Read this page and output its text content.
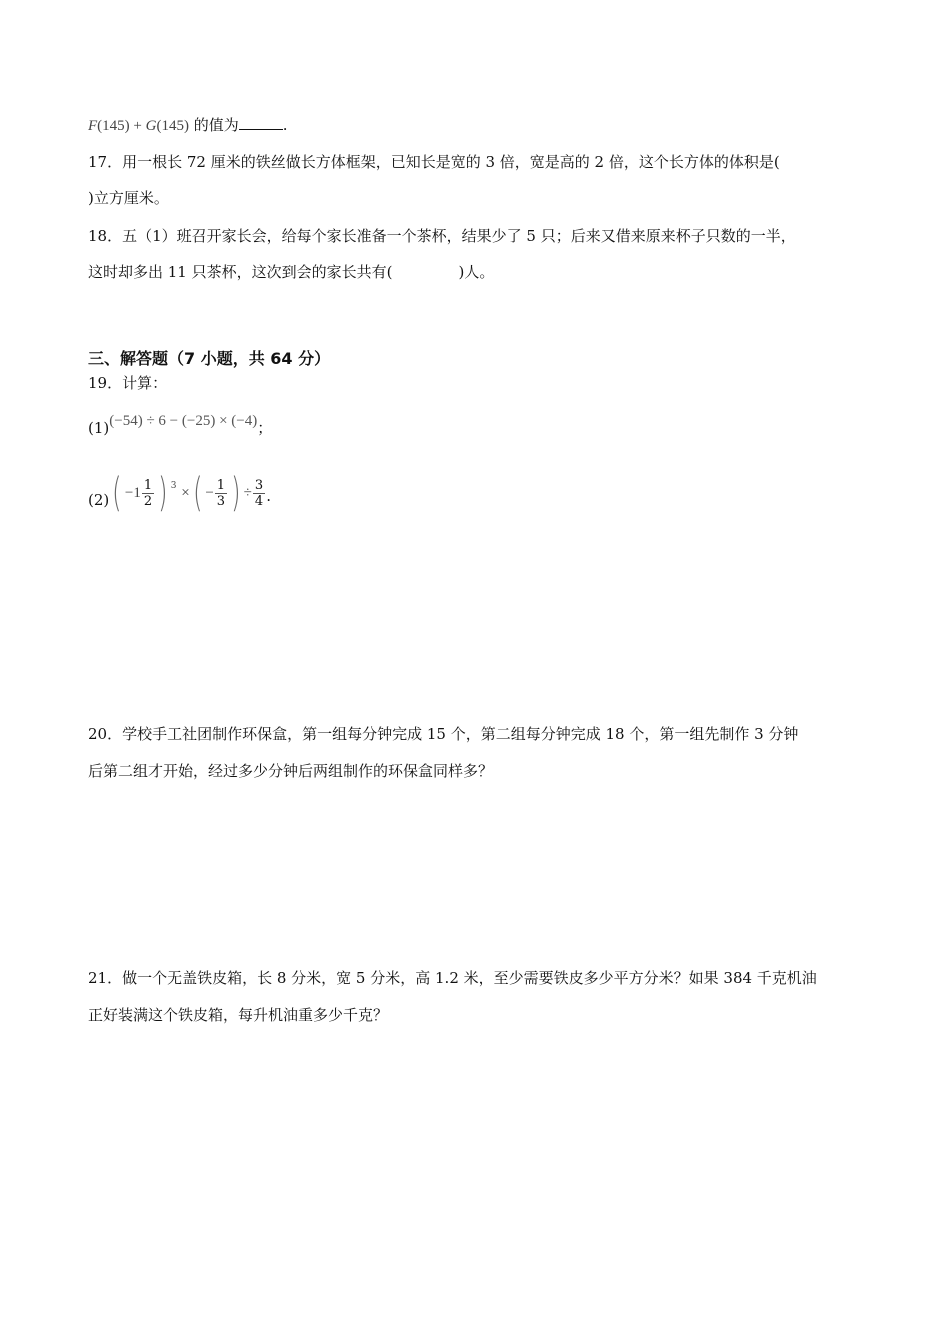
F(145) + G(145) 的值为	.
17．用一根长 72 厘米的铁丝做长方体框架，已知长是宽的 3 倍，宽是高的 2 倍，这个长方体的体积是(
)立方厘米。
18．五（1）班召开家长会，给每个家长准备一个茶杯，结果少了 5 只；后来又借来原来杯子只数的一半，
这时却多出 11 只茶杯，这次到会的家长共有(	)人。
三、解答题（7 小题，共 64 分）
19．计算：
(1)(−54) ÷ 6 − (−25) × (−4)；
$(2)( -1 \frac{1}{2}$ ) $^3$ ×( − $\frac{1}{3}$ ) ÷ $\frac{3}{4}$ .
20．学校手工社团制作环保盒，第一组每分钟完成 15 个，第二组每分钟完成 18 个，第一组先制作 3 分钟
后第二组才开始，经过多少分钟后两组制作的环保盒同样多？
21．做一个无盖铁皮箱，长 8 分米，宽 5 分米，高 1.2 米，至少需要铁皮多少平方分米？如果 384 千克机油
正好装满这个铁皮箱，每升机油重多少千克？
